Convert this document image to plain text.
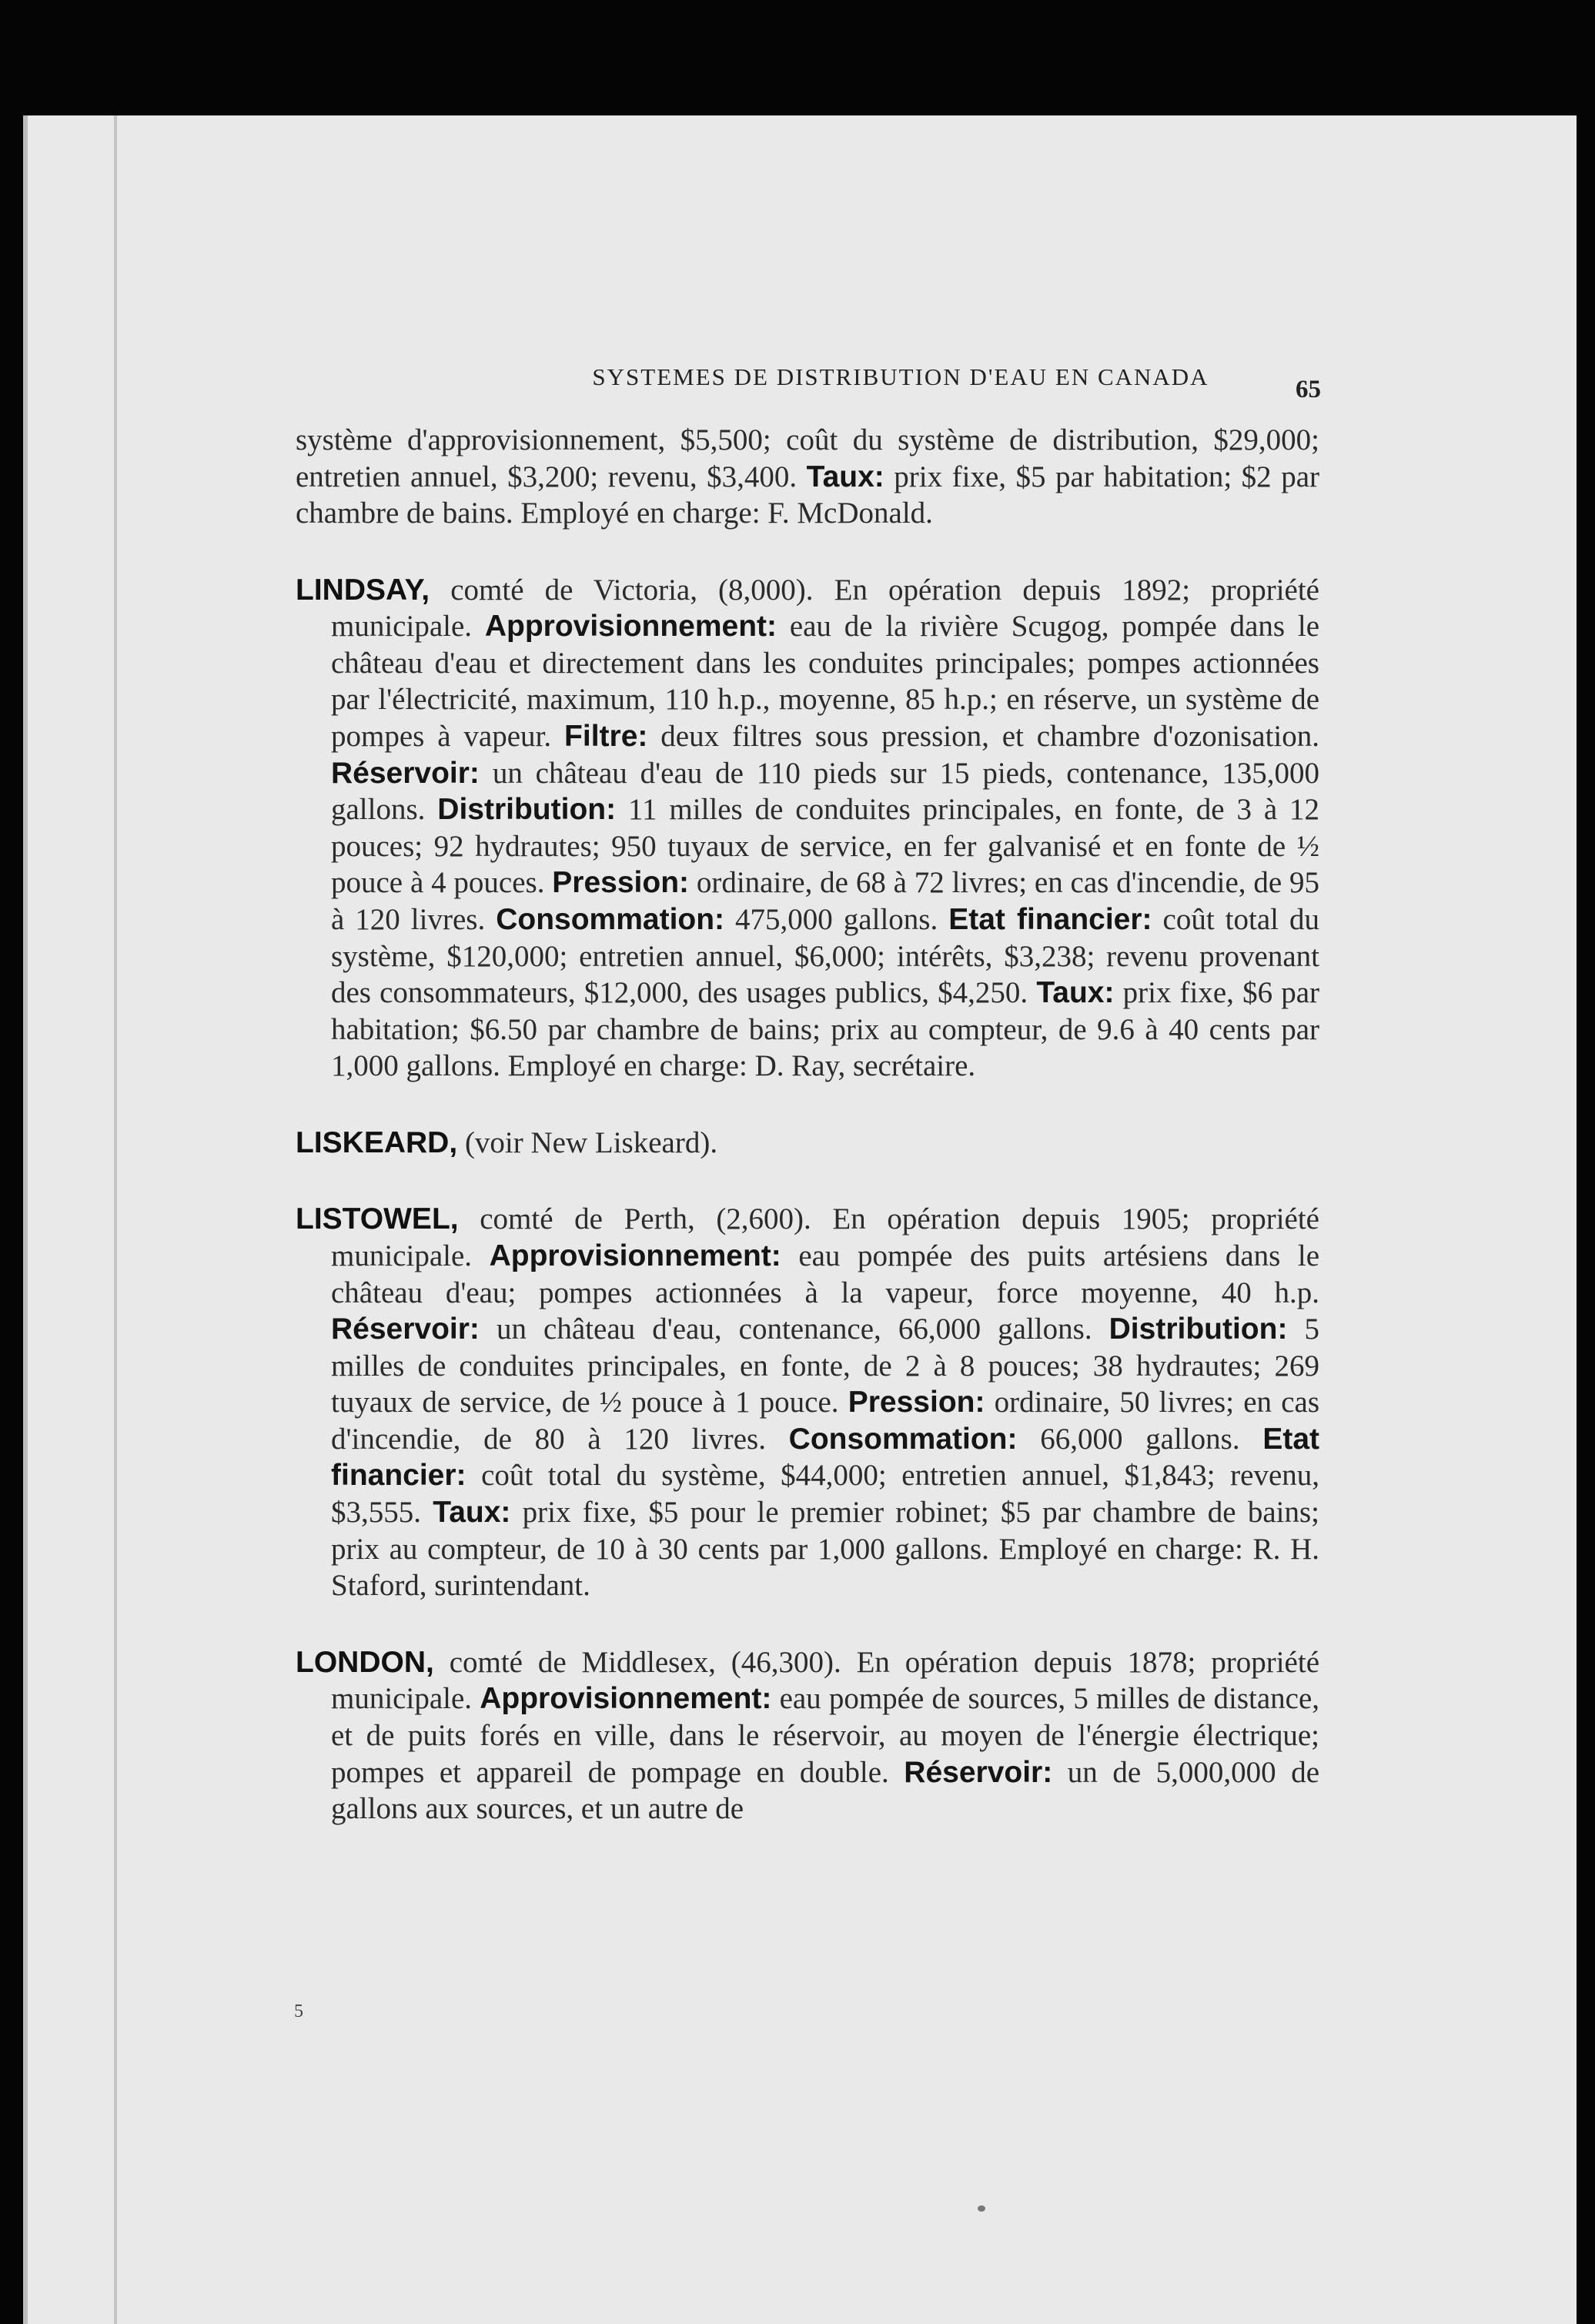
SYSTEMES DE DISTRIBUTION D'EAU EN CANADA	65

système d'approvisionnement, $5,500; coût du système de distribution, $29,000; entretien annuel, $3,200; revenu, $3,400. Taux: prix fixe, $5 par habitation; $2 par chambre de bains. Employé en charge: F. McDonald.

LINDSAY, comté de Victoria, (8,000). En opération depuis 1892; propriété municipale. Approvisionnement: eau de la rivière Scugog, pompée dans le château d'eau et directement dans les conduites principales; pompes actionnées par l'électricité, maximum, 110 h.p., moyenne, 85 h.p.; en réserve, un système de pompes à vapeur. Filtre: deux filtres sous pression, et chambre d'ozonisation. Réservoir: un château d'eau de 110 pieds sur 15 pieds, contenance, 135,000 gallons. Distribution: 11 milles de conduites principales, en fonte, de 3 à 12 pouces; 92 hydrautes; 950 tuyaux de service, en fer galvanisé et en fonte de ½ pouce à 4 pouces. Pression: ordinaire, de 68 à 72 livres; en cas d'incendie, de 95 à 120 livres. Consommation: 475,000 gallons. Etat financier: coût total du système, $120,000; entretien annuel, $6,000; intérêts, $3,238; revenu provenant des consommateurs, $12,000, des usages publics, $4,250. Taux: prix fixe, $6 par habitation; $6.50 par chambre de bains; prix au compteur, de 9.6 à 40 cents par 1,000 gallons. Employé en charge: D. Ray, secrétaire.

LISKEARD, (voir New Liskeard).

LISTOWEL, comté de Perth, (2,600). En opération depuis 1905; propriété municipale. Approvisionnement: eau pompée des puits artésiens dans le château d'eau; pompes actionnées à la vapeur, force moyenne, 40 h.p. Réservoir: un château d'eau, contenance, 66,000 gallons. Distribution: 5 milles de conduites principales, en fonte, de 2 à 8 pouces; 38 hydrautes; 269 tuyaux de service, de ½ pouce à 1 pouce. Pression: ordinaire, 50 livres; en cas d'incendie, de 80 à 120 livres. Consommation: 66,000 gallons. Etat financier: coût total du système, $44,000; entretien annuel, $1,843; revenu, $3,555. Taux: prix fixe, $5 pour le premier robinet; $5 par chambre de bains; prix au compteur, de 10 à 30 cents par 1,000 gallons. Employé en charge: R. H. Staford, surintendant.

LONDON, comté de Middlesex, (46,300). En opération depuis 1878; propriété municipale. Approvisionnement: eau pompée de sources, 5 milles de distance, et de puits forés en ville, dans le réservoir, au moyen de l'énergie électrique; pompes et appareil de pompage en double. Réservoir: un de 5,000,000 de gallons aux sources, et un autre de

5
